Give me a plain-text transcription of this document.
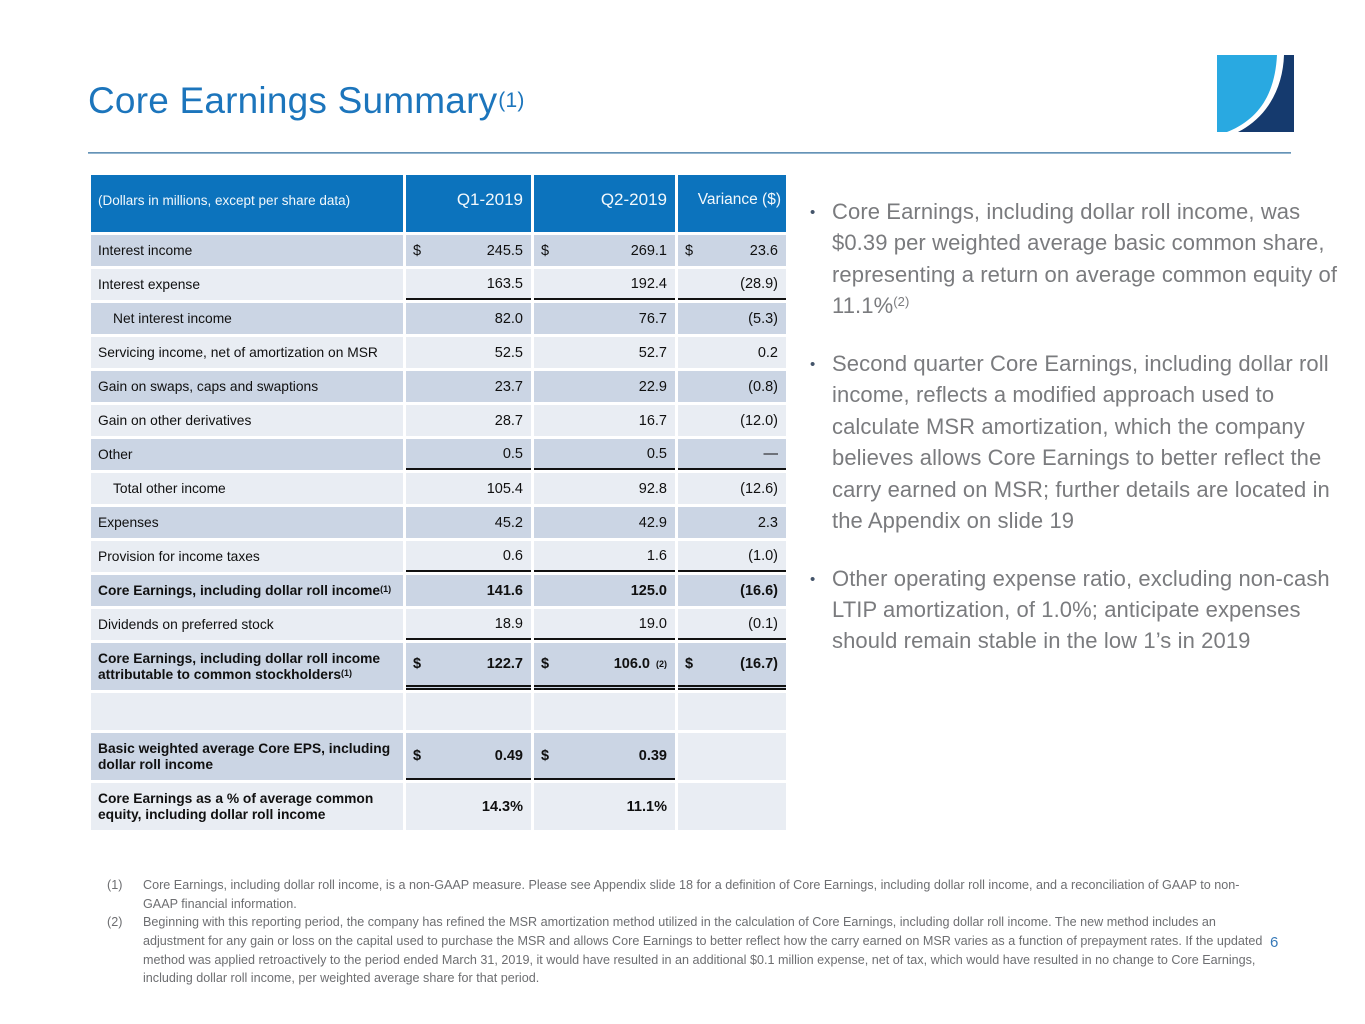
Core Earnings Summary$^{(1)}$
(Dollars in millions, except per share data)	Q1-2019	Q2-2019	Variance ($)
Interest income	$ 245.5	$ 269.1	$ 23.6

Interest expense	163.5	192.4	(28.9)
Net interest income	82.0	76.7	(5.3)
Servicing income, net of amortization on MSR	52.5	52.7	0.2
Gain on swaps, caps and swaptions	23.7	22.9	(0.8)
Gain on other derivatives	28.7	16.7	(12.0)
Other	0.5	0.5	—
Total other income	105.4	92.8	(12.6)
Expenses	45.2	42.9	2.3
Provision for income taxes	0.6	1.6	(1.0)
Core Earnings, including dollar roll income$^{(1)}$	141.6	125.0	(16.6)
Dividends on preferred stock	18.9	19.0	(0.1)
Core Earnings, including dollar roll income attributable to common stockholders$^{(1)}$	$ 122.7	$ 106.0 (2)	$ (16.7)

Basic weighted average Core EPS, including dollar roll income	$ 0.49	$ 0.39	

Core Earnings as a % of average common equity, including dollar roll income	14.3%	11.1%	
• Core Earnings, including dollar roll income, was $0.39 per weighted average basic common share, representing a return on average common equity of 11.1%$^{(2)}$
• Second quarter Core Earnings, including dollar roll income, reflects a modified approach used to calculate MSR amortization, which the company believes allows Core Earnings to better reflect the carry earned on MSR; further details are located in the Appendix on slide 19
• Other operating expense ratio, excluding non-cash LTIP amortization, of 1.0%; anticipate expenses should remain stable in the low 1’s in 2019
(1)	Core Earnings, including dollar roll income, is a non-GAAP measure. Please see Appendix slide 18 for a definition of Core Earnings, including dollar roll income, and a reconciliation of GAAP to non-GAAP financial information.
(2)	Beginning with this reporting period, the company has refined the MSR amortization method utilized in the calculation of Core Earnings, including dollar roll income. The new method includes an adjustment for any gain or loss on the capital used to purchase the MSR and allows Core Earnings to better reflect how the carry earned on MSR varies as a function of prepayment rates. If the updated method was applied retroactively to the period ended March 31, 2019, it would have resulted in an additional $0.1 million expense, net of tax, which would have resulted in no change to Core Earnings, including dollar roll income, per weighted average share for that period.
6
